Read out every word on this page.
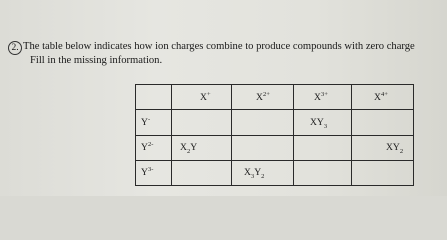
2. The table below indicates how ion charges combine to produce compounds with zero charge
Fill in the missing information.
	X+	$X^{2+}$	$X^{3+}$	$X^{4+}$
Y-			$XY_3$	
$Y^{2-}$	$X_2Y$			$XY_2$
$Y^{3-}$		$X_3Y_2$		
